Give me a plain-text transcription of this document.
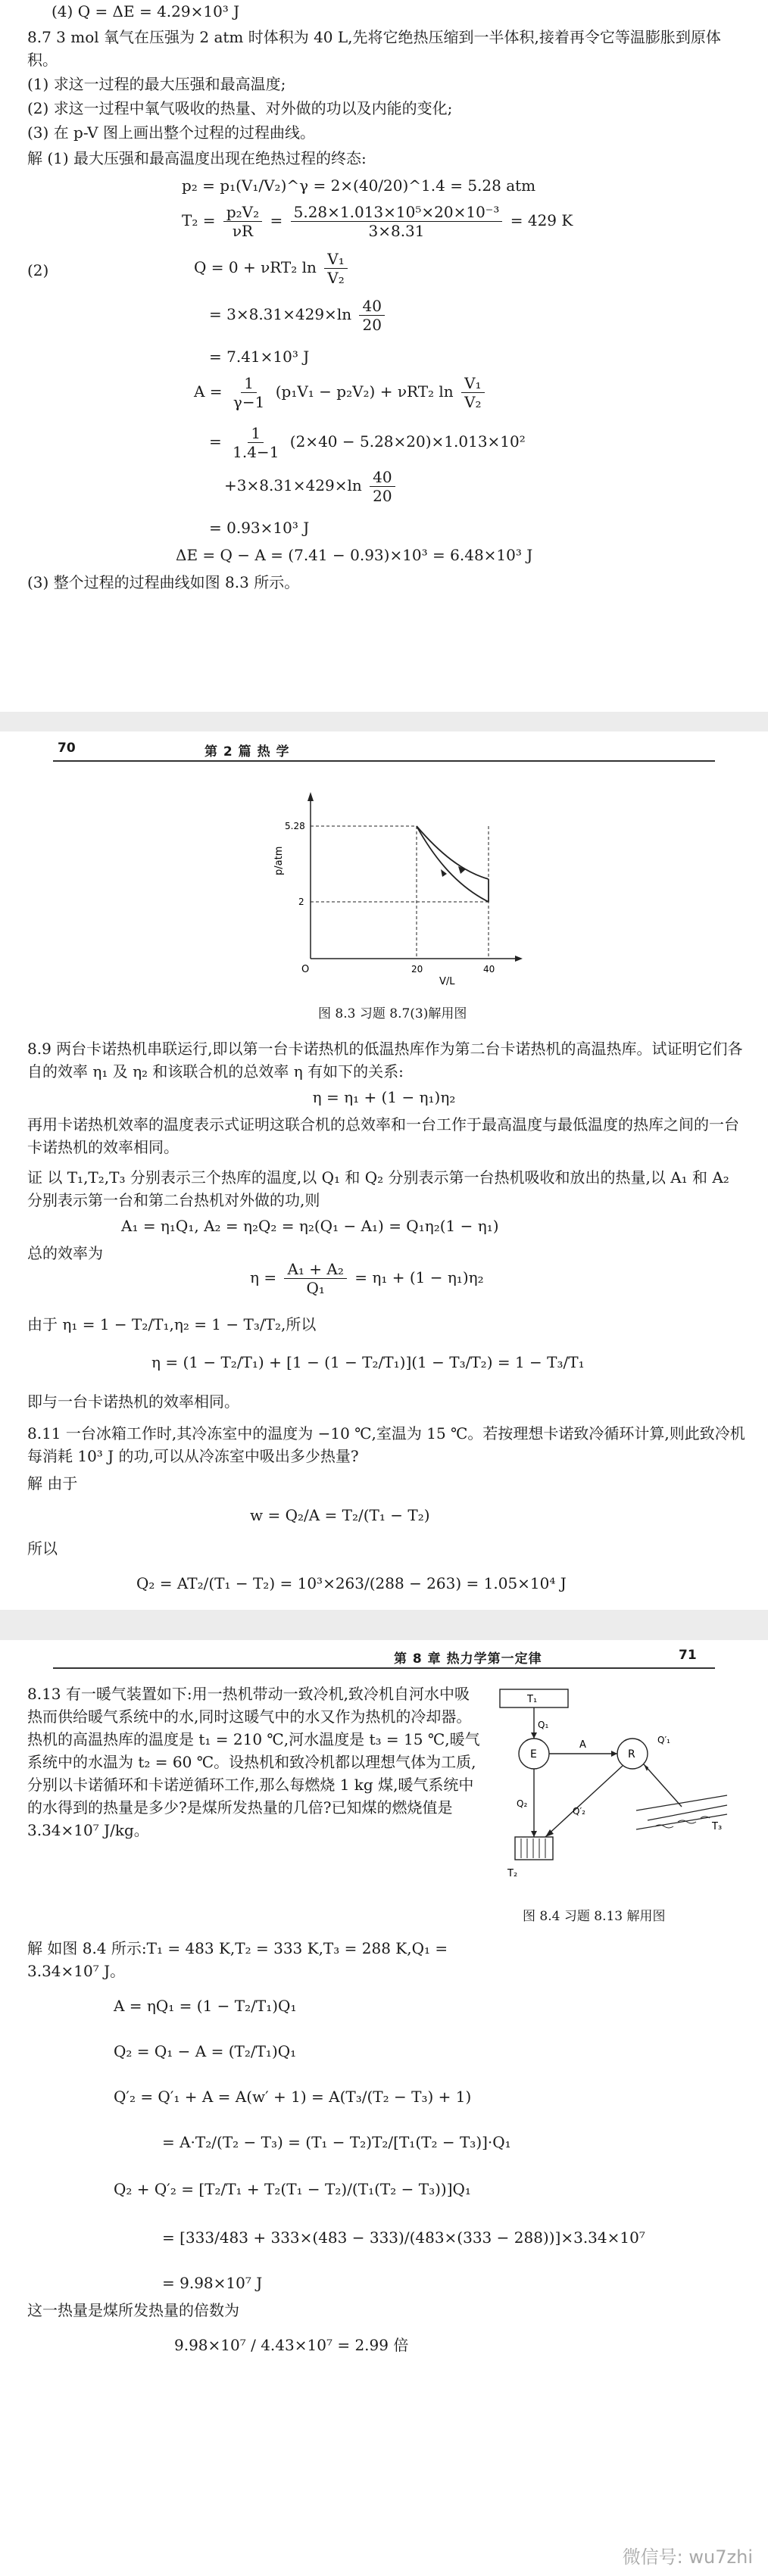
(4) Q = ΔE = 4.29×10³ J
8.7 3 mol 氧气在压强为 2 atm 时体积为 40 L,先将它绝热压缩到一半体积,接着再令它等温膨胀到原体积。
(1) 求这一过程的最大压强和最高温度;
(2) 求这一过程中氧气吸收的热量、对外做的功以及内能的变化;
(3) 在 p-V 图上画出整个过程的过程曲线。
解 (1) 最大压强和最高温度出现在绝热过程的终态:
p₂ = p₁(V₁/V₂)^γ = 2×(40/20)^1.4 = 5.28 atm
$T_2 = \frac{\text{p₂V₂}}{\nu R} = \frac{\text{5.28×1.013×10⁵×20×10⁻³}}{3\times 8.31} = 429$ K
(2)	Q = 0 + νRT₂ $\ln \frac{\text{V₁}}{\text{V₂}}$
= $3\times 8.31\times 429\times\ln \frac{40}{20}$
= 7.41×10³ J
$A = \frac{1}{\gamma-1} (p_1V_1 - p_2V_2) + \nu RT_2$ $\ln \frac{\text{V₁}}{\text{V₂}}$
= $\frac{1}{1.4-1} (2\times 40 - 5.28\times 20)\times 1.013\times 10^2$
$+3\times 8.31\times 429\times\ln \frac{40}{20}$
= 0.93×10³ J
ΔE = Q − A = (7.41 − 0.93)×10³ = 6.48×10³ J
(3) 整个过程的过程曲线如图 8.3 所示。
70	第 2 篇 热 学
p/atm
5.28
2
20	40
O
V/L
图 8.3 习题 8.7(3)解用图
8.9 两台卡诺热机串联运行,即以第一台卡诺热机的低温热库作为第二台卡诺热机的高温热库。试证明它们各自的效率 η₁ 及 η₂ 和该联合机的总效率 η 有如下的关系:
η = η₁ + (1 − η₁)η₂
再用卡诺热机效率的温度表示式证明这联合机的总效率和一台工作于最高温度与最低温度的热库之间的一台卡诺热机的效率相同。
证 以 T₁,T₂,T₃ 分别表示三个热库的温度,以 Q₁ 和 Q₂ 分别表示第一台热机吸收和放出的热量,以 A₁ 和 A₂ 分别表示第一台和第二台热机对外做的功,则
A₁ = η₁Q₁, A₂ = η₂Q₂ = η₂(Q₁ − A₁) = Q₁η₂(1 − η₁)
总的效率为
$\eta = \frac{\text{A₁ + A₂}}{\text{Q₁}} = \eta_1 + (1 - \eta_1)\eta_2$
由于 η₁ = 1 − T₂/T₁,η₂ = 1 − T₃/T₂,所以
η = (1 − T₂/T₁) + [1 − (1 − T₂/T₁)](1 − T₃/T₂) = 1 − T₃/T₁
即与一台卡诺热机的效率相同。
8.11 一台冰箱工作时,其冷冻室中的温度为 −10 ℃,室温为 15 ℃。若按理想卡诺致冷循环计算,则此致冷机每消耗 10³ J 的功,可以从冷冻室中吸出多少热量?
解 由于
w = Q₂/A = T₂/(T₁ − T₂)
所以
Q₂ = AT₂/(T₁ − T₂) = 10³×263/(288 − 263) = 1.05×10⁴ J
第 8 章 热力学第一定律	71
8.13 有一暖气装置如下:用一热机带动一致冷机,致冷机自河水中吸热而供给暖气系统中的水,同时这暖气中的水又作为热机的冷却器。热机的高温热库的温度是 t₁ = 210 ℃,河水温度是 t₃ = 15 ℃,暖气系统中的水温为 t₂ = 60 ℃。设热机和致冷机都以理想气体为工质,分别以卡诺循环和卡诺逆循环工作,那么每燃烧 1 kg 煤,暖气系统中的水得到的热量是多少?是煤所发热量的几倍?已知煤的燃烧值是 3.34×10⁷ J/kg。
T₁
Q₁
E
A
R
Q₂
Q′₂
Q′₁
T₂
T₃
图 8.4 习题 8.13 解用图
解 如图 8.4 所示:T₁ = 483 K,T₂ = 333 K,T₃ = 288 K,Q₁ = 3.34×10⁷ J。
A = ηQ₁ = (1 − T₂/T₁)Q₁
Q₂ = Q₁ − A = (T₂/T₁)Q₁
Q′₂ = Q′₁ + A = A(w′ + 1) = A(T₃/(T₂ − T₃) + 1)
= A·T₂/(T₂ − T₃) = (T₁ − T₂)T₂/[T₁(T₂ − T₃)]·Q₁
Q₂ + Q′₂ = [T₂/T₁ + T₂(T₁ − T₂)/(T₁(T₂ − T₃))]Q₁
= [333/483 + 333×(483 − 333)/(483×(333 − 288))]×3.34×10⁷
= 9.98×10⁷ J
这一热量是煤所发热量的倍数为
9.98×10⁷ / 4.43×10⁷ = 2.99 倍
微信号: wu7zhi
